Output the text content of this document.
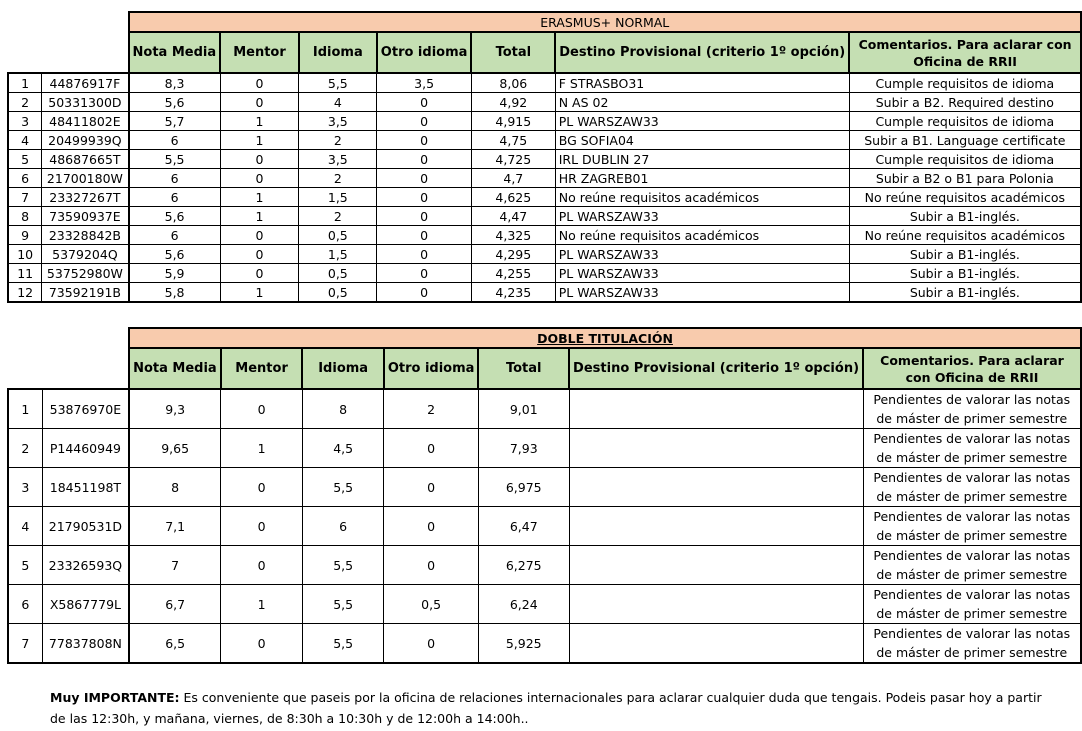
		ERASMUS+ NORMAL						
		Nota Media	Mentor	Idioma	Otro idioma	Total	Destino Provisional (criterio 1º opción)	Comentarios. Para aclarar con Oficina de RRII
1	44876917F	8,3	0	5,5	3,5	8,06	F STRASBO31	Cumple requisitos de idioma
2	50331300D	5,6	0	4	0	4,92	N AS 02	Subir a B2. Required destino
3	48411802E	5,7	1	3,5	0	4,915	PL WARSZAW33	Cumple requisitos de idioma
4	20499939Q	6	1	2	0	4,75	BG SOFIA04	Subir a B1. Language certificate
5	48687665T	5,5	0	3,5	0	4,725	IRL DUBLIN 27	Cumple requisitos de idioma
6	21700180W	6	0	2	0	4,7	HR ZAGREB01	Subir a B2 o B1 para Polonia
7	23327267T	6	1	1,5	0	4,625	No reúne requisitos académicos	No reúne requisitos académicos
8	73590937E	5,6	1	2	0	4,47	PL WARSZAW33	Subir a B1-inglés.
9	23328842B	6	0	0,5	0	4,325	No reúne requisitos académicos	No reúne requisitos académicos
10	5379204Q	5,6	0	1,5	0	4,295	PL WARSZAW33	Subir a B1-inglés.
11	53752980W	5,9	0	0,5	0	4,255	PL WARSZAW33	Subir a B1-inglés.
12	73592191B	5,8	1	0,5	0	4,235	PL WARSZAW33	Subir a B1-inglés.
		DOBLE TITULACIÓN						
		Nota Media	Mentor	Idioma	Otro idioma	Total	Destino Provisional (criterio 1º opción)	Comentarios. Para aclarar con Oficina de RRII
1	53876970E	9,3	0	8	2	9,01		Pendientes de valorar las notas de máster de primer semestre
2	P14460949	9,65	1	4,5	0	7,93		Pendientes de valorar las notas de máster de primer semestre
3	18451198T	8	0	5,5	0	6,975		Pendientes de valorar las notas de máster de primer semestre
4	21790531D	7,1	0	6	0	6,47		Pendientes de valorar las notas de máster de primer semestre
5	23326593Q	7	0	5,5	0	6,275		Pendientes de valorar las notas de máster de primer semestre
6	X5867779L	6,7	1	5,5	0,5	6,24		Pendientes de valorar las notas de máster de primer semestre
7	77837808N	6,5	0	5,5	0	5,925		Pendientes de valorar las notas de máster de primer semestre
Muy IMPORTANTE: Es conveniente que paseis por la oficina de relaciones internacionales para aclarar cualquier duda que tengais. Podeis pasar hoy a partir de las 12:30h, y mañana, viernes, de 8:30h a 10:30h y de 12:00h a 14:00h..
